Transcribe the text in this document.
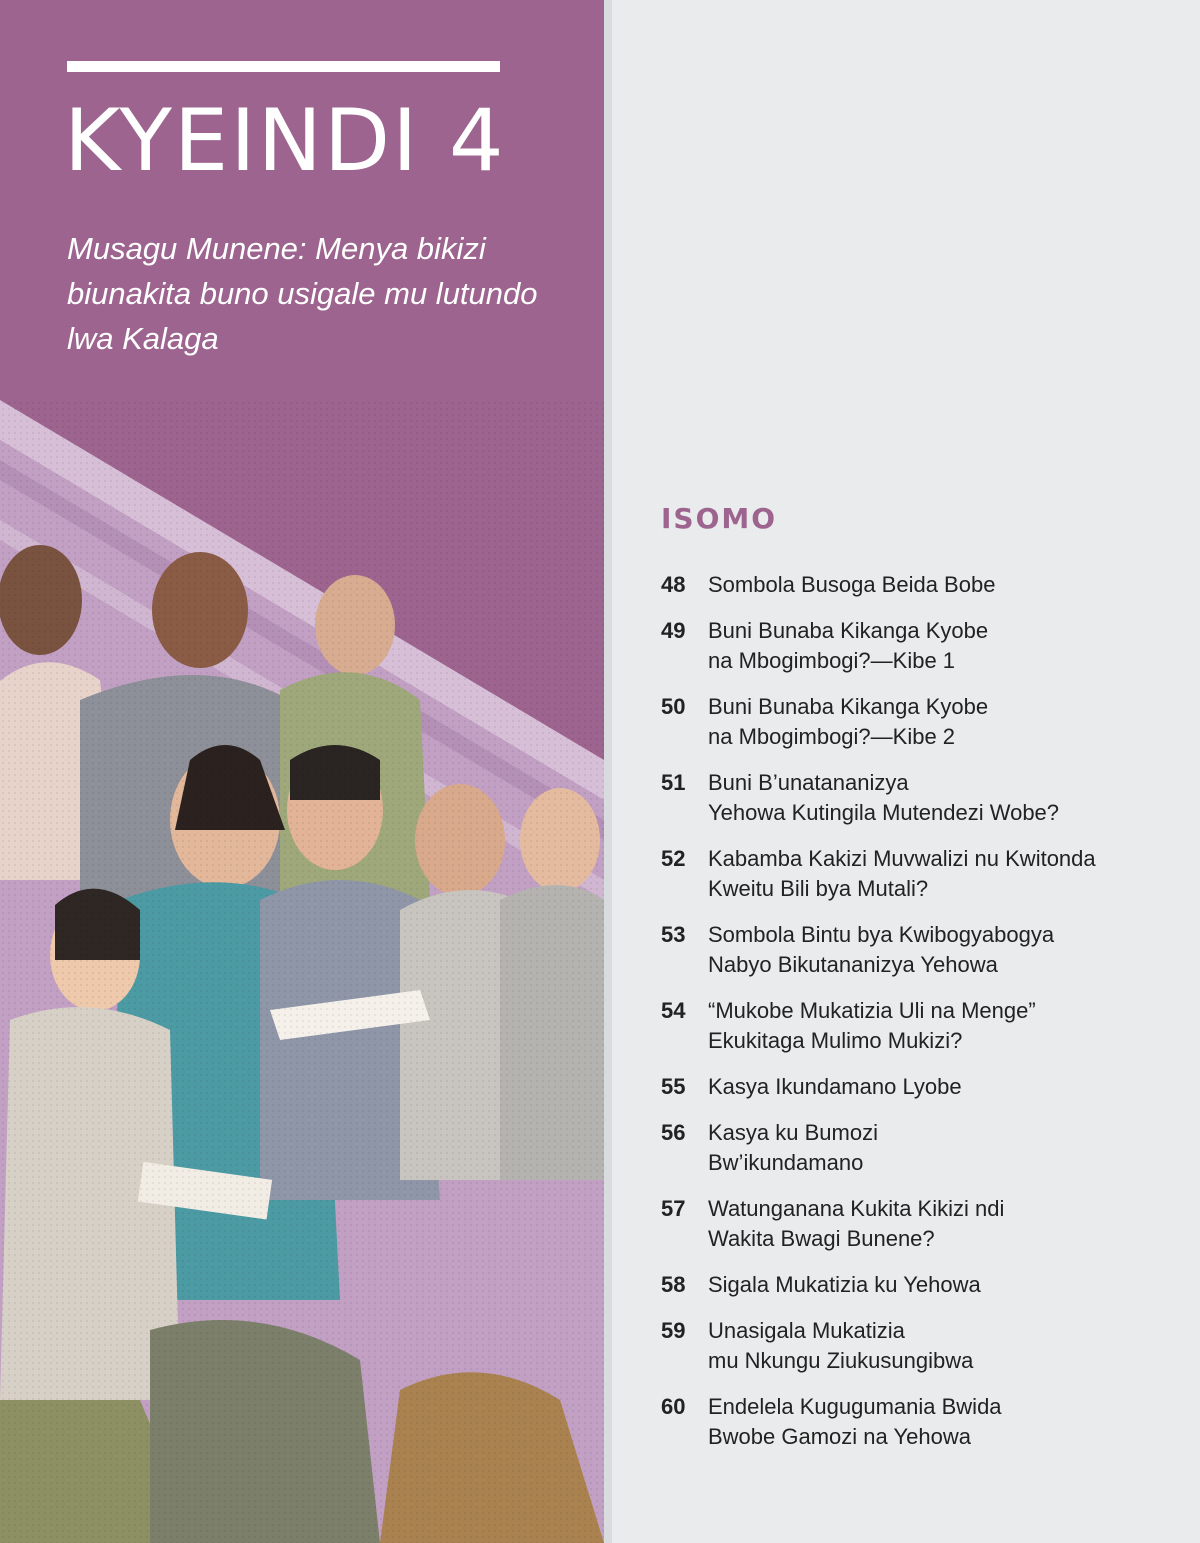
KYEINDI 4

Musagu Munene: Menya bikizi biunakita buno usigale mu lutundo lwa Kalaga

ISOMO
48	Sombola Busoga Beida Bobe
49	Buni Bunaba Kikanga Kyobe
na Mbogimbogi?—Kibe 1
50	Buni Bunaba Kikanga Kyobe
na Mbogimbogi?—Kibe 2
51	Buni B’unatananizya
Yehowa Kutingila Mutendezi Wobe?
52	Kabamba Kakizi Muvwalizi nu Kwitonda
Kweitu Bili bya Mutali?
53	Sombola Bintu bya Kwibogyabogya
Nabyo Bikutananizya Yehowa
54	“Mukobe Mukatizia Uli na Menge”
Ekukitaga Mulimo Mukizi?
55	Kasya Ikundamano Lyobe
56	Kasya ku Bumozi
Bw’ikundamano
57	Watunganana Kukita Kikizi ndi
Wakita Bwagi Bunene?
58	Sigala Mukatizia ku Yehowa
59	Unasigala Mukatizia
mu Nkungu Ziukusungibwa
60	Endelela Kugugumania Bwida
Bwobe Gamozi na Yehowa
